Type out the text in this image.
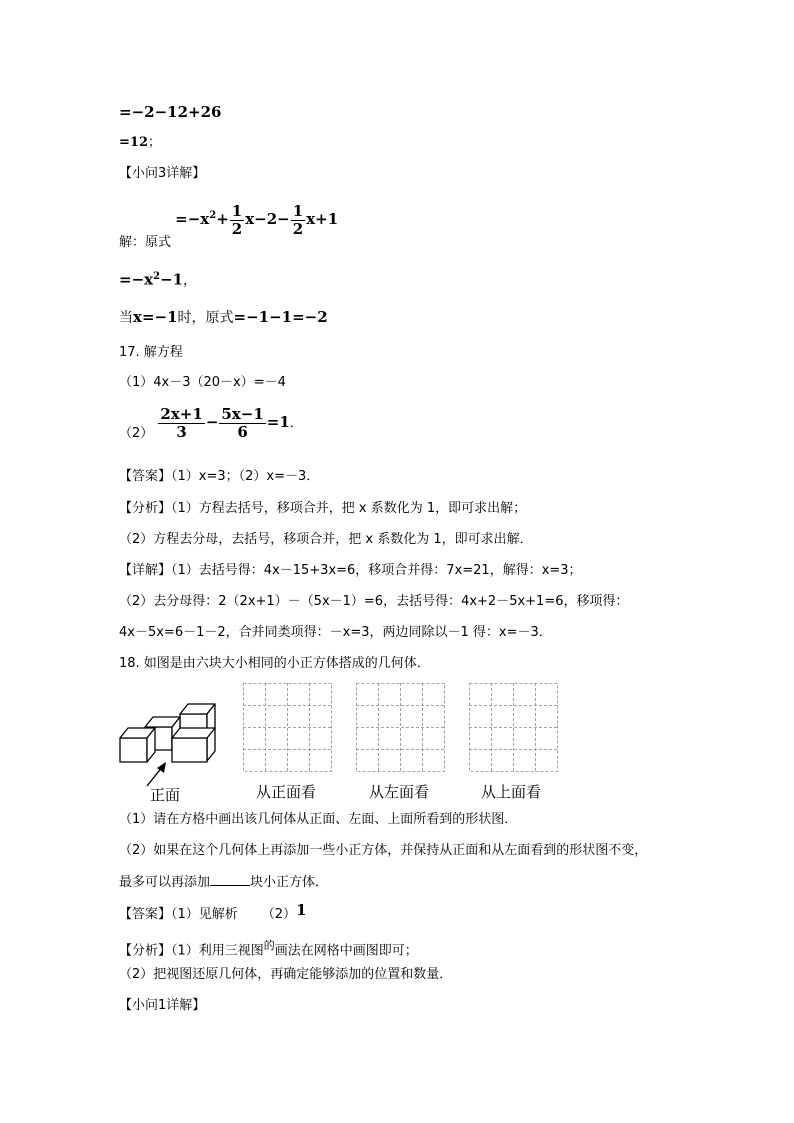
=−2−12+26
=12；
【小问3详解】
解：原式 $=-x^2+ \frac{1}{2} x-2- \frac{1}{2} x+1$
$=-x^2-1$，
当x=−1时，原式=−1−1=−2
17. 解方程
（1）4x－3（20－x）=－4
$(2) \frac{2x+1}{3} - \frac{5x-1}{6} =1$．
【答案】（1）x=3；（2）x=－3．
【分析】（1）方程去括号，移项合并，把 x 系数化为 1，即可求出解；
（2）方程去分母，去括号，移项合并，把 x 系数化为 1，即可求出解．
【详解】（1）去括号得：4x－15+3x=6，移项合并得：7x=21，解得：x=3；
（2）去分母得：2（2x+1）－（5x－1）=6，去括号得：4x+2－5x+1=6，移项得：
4x－5x=6－1－2，合并同类项得：－x=3，两边同除以－1 得：x=－3．
18. 如图是由六块大小相同的小正方体搭成的几何体．
正面	从正面看	从左面看	从上面看
（1）请在方格中画出该几何体从正面、左面、上面所看到的形状图．
（2）如果在这个几何体上再添加一些小正方体，并保持从正面和从左面看到的形状图不变，
最多可以再添加	块小正方体．
【答案】（1）见解析 （2）1
【分析】（1）利用三视图$^的$画法在网格中画图即可；
（2）把视图还原几何体，再确定能够添加的位置和数量．
【小问1详解】
